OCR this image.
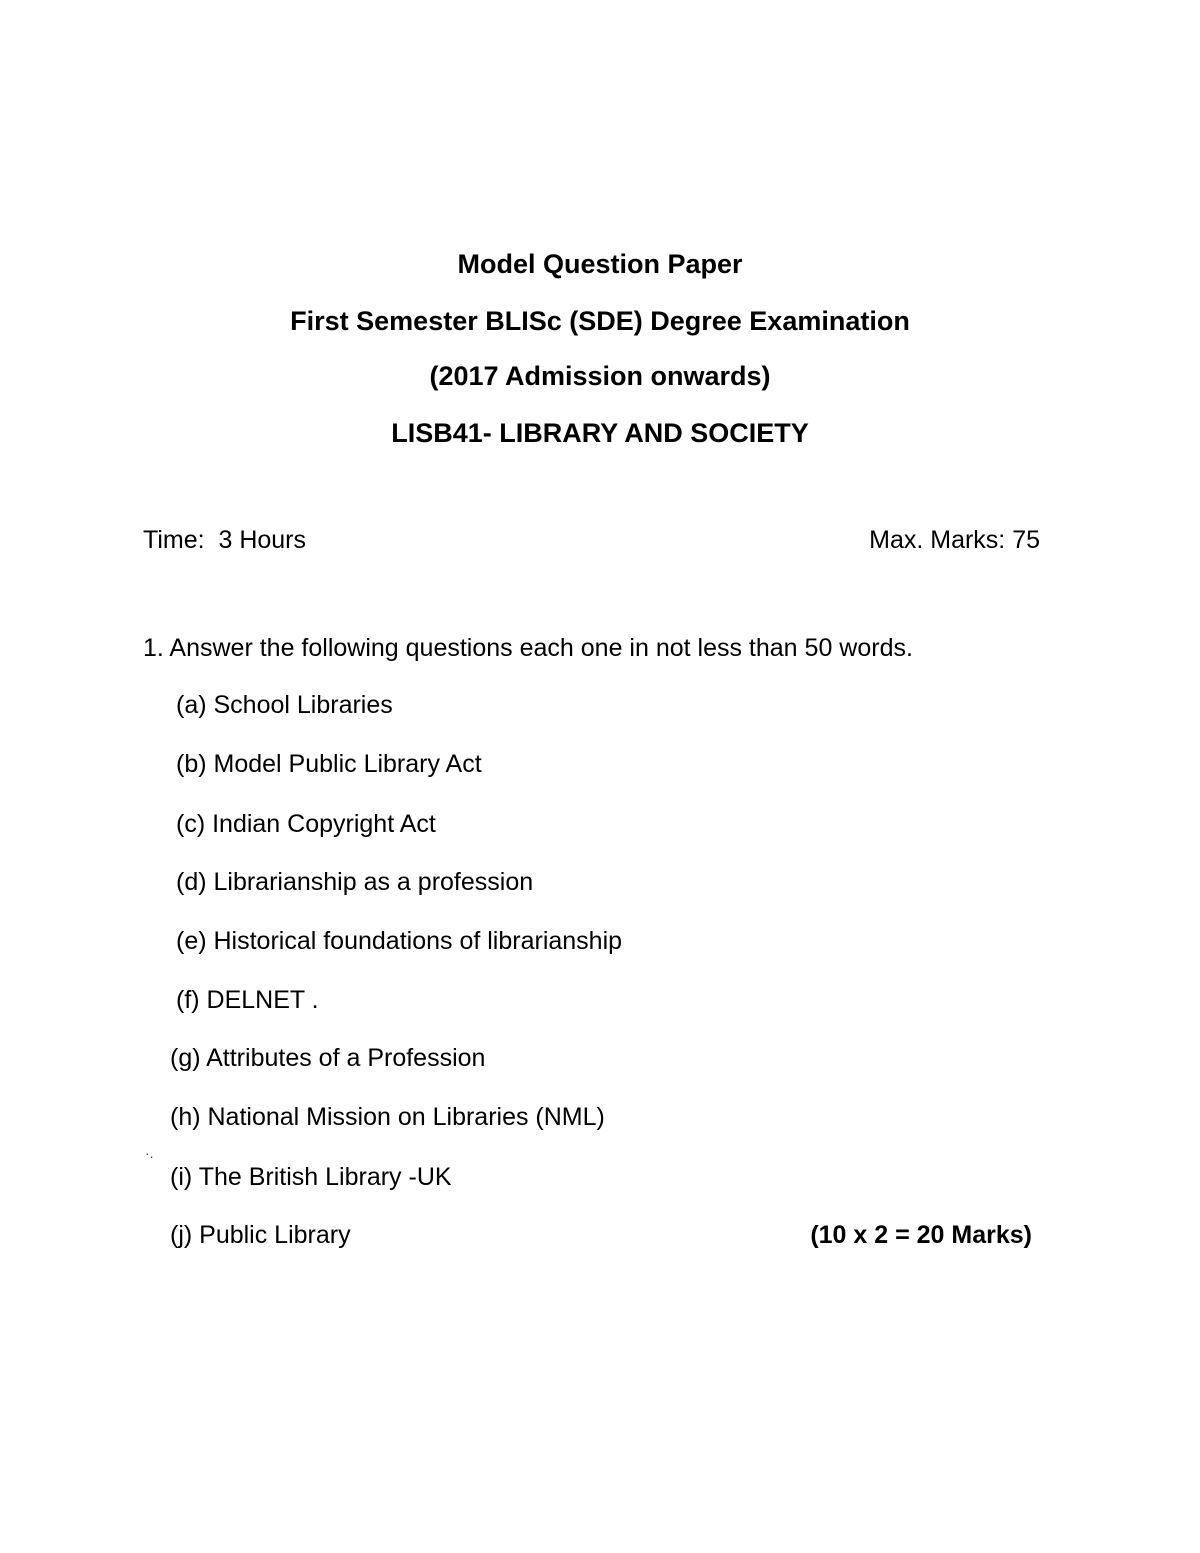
Model Question Paper
First Semester BLISc (SDE) Degree Examination
(2017 Admission onwards)
LISB41- LIBRARY AND SOCIETY
Time:  3 Hours	Max. Marks: 75
1. Answer the following questions each one in not less than 50 words.
(a) School Libraries
(b) Model Public Library Act
(c) Indian Copyright Act
(d) Librarianship as a profession
(e) Historical foundations of librarianship
(f) DELNET .
(g) Attributes of a Profession
(h) National Mission on Libraries (NML)
·.
(i) The British Library -UK
(j) Public Library	(10 x 2 = 20 Marks)
